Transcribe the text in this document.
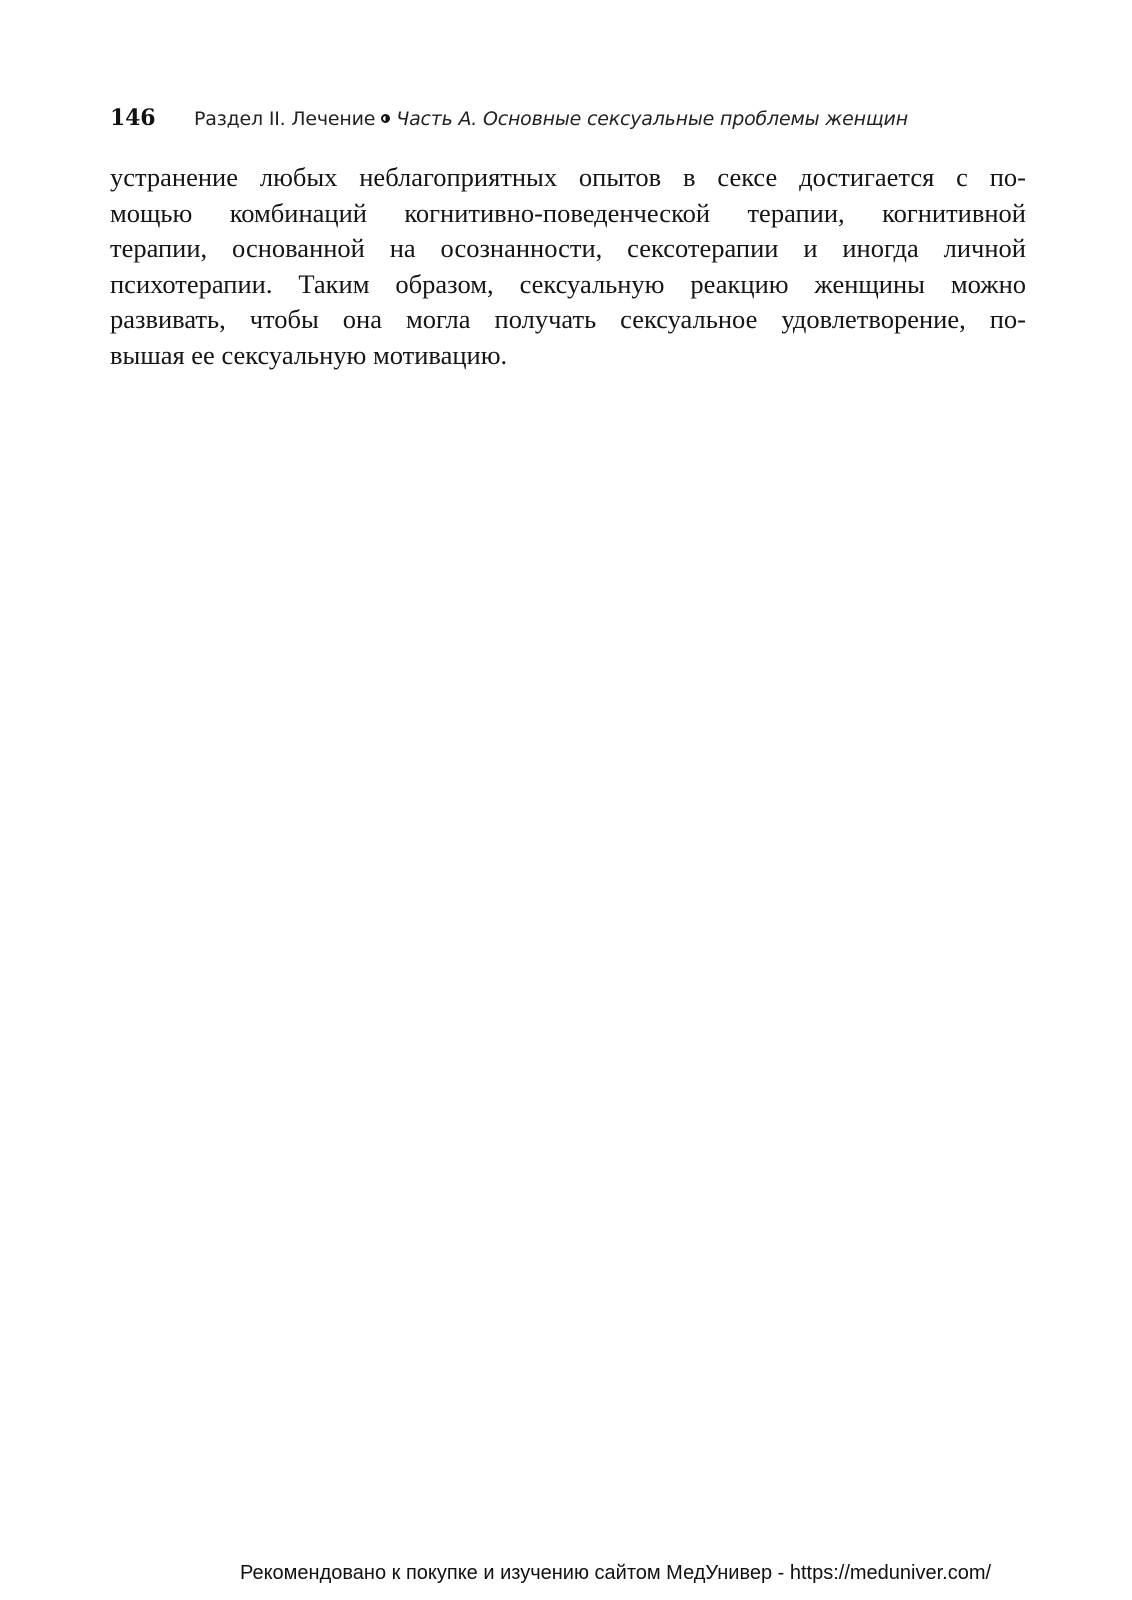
146 Раздел II. Лечение Часть А. Основные сексуальные проблемы женщин

устранение любых неблагоприятных опытов в сексе достигается с по-
мощью комбинаций когнитивно-поведенческой терапии, когнитивной
терапии, основанной на осознанности, сексотерапии и иногда личной
психотерапии. Таким образом, сексуальную реакцию женщины можно
развивать, чтобы она могла получать сексуальное удовлетворение, по-
вышая ее сексуальную мотивацию.

Рекомендовано к покупке и изучению сайтом МедУнивер - https://meduniver.com/
